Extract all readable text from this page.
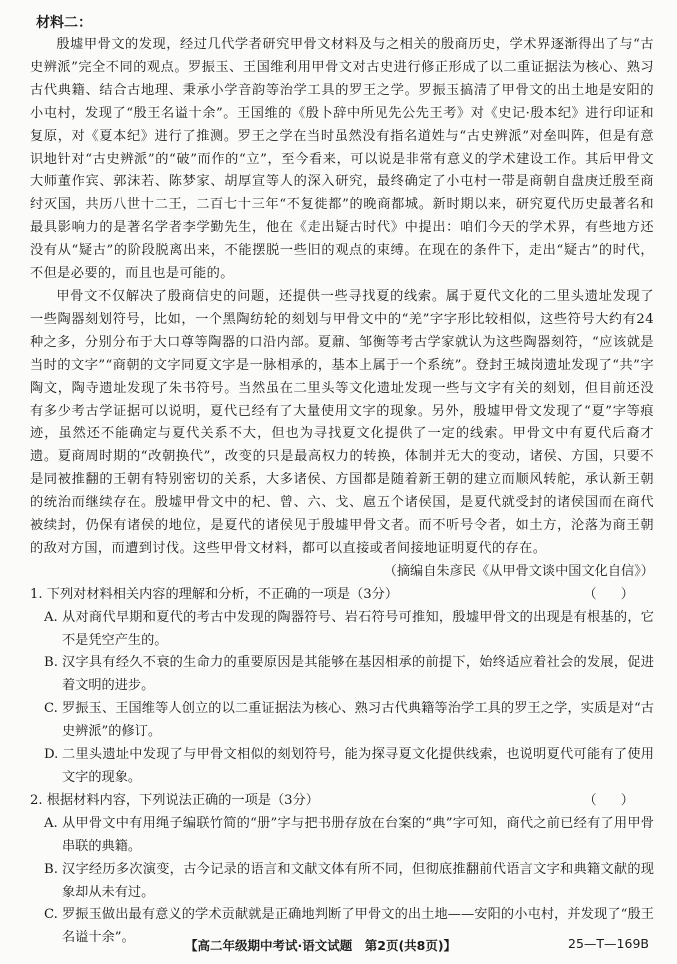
材料二：

殷墟甲骨文的发现，经过几代学者研究甲骨文材料及与之相关的殷商历史，学术界逐渐得出了与“古史辨派”完全不同的观点。罗振玉、王国维利用甲骨文对古史进行修正形成了以二重证据法为核心、熟习古代典籍、结合古地理、秉承小学音韵等治学工具的罗王之学。罗振玉搞清了甲骨文的出土地是安阳的小屯村，发现了“殷王名谥十余”。王国维的《殷卜辞中所见先公先王考》对《史记·殷本纪》进行印证和复原，对《夏本纪》进行了推测。罗王之学在当时虽然没有指名道姓与“古史辨派”对垒叫阵，但是有意识地针对“古史辨派”的“破”而作的“立”，至今看来，可以说是非常有意义的学术建设工作。其后甲骨文大师董作宾、郭沫若、陈梦家、胡厚宣等人的深入研究，最终确定了小屯村一带是商朝自盘庚迁殷至商纣灭国，共历八世十二王，二百七十三年“不复徙都”的晚商都城。新时期以来，研究夏代历史最著名和最具影响力的是著名学者李学勤先生，他在《走出疑古时代》中提出：咱们今天的学术界，有些地方还没有从“疑古”的阶段脱离出来，不能摆脱一些旧的观点的束缚。在现在的条件下，走出“疑古”的时代，不但是必要的，而且也是可能的。

甲骨文不仅解决了殷商信史的问题，还提供一些寻找夏的线索。属于夏代文化的二里头遗址发现了一些陶器刻划符号，比如，一个黑陶纺轮的刻划与甲骨文中的“羌”字字形比较相似，这些符号大约有24种之多，分别分布于大口尊等陶器的口沿内部。夏鼐、邹衡等考古学家就认为这些陶器刻符，“应该就是当时的文字”“商朝的文字同夏文字是一脉相承的，基本上属于一个系统”。登封王城岗遗址发现了“共”字陶文，陶寺遗址发现了朱书符号。当然虽在二里头等文化遗址发现一些与文字有关的刻划，但目前还没有多少考古学证据可以说明，夏代已经有了大量使用文字的现象。另外，殷墟甲骨文发现了“夏”字等痕迹，虽然还不能确定与夏代关系不大，但也为寻找夏文化提供了一定的线索。甲骨文中有夏代后裔才遗。夏商周时期的“改朝换代”，改变的只是最高权力的转换，体制并无大的变动，诸侯、方国，只要不是同被推翻的王朝有特别密切的关系，大多诸侯、方国都是随着新王朝的建立而顺风转舵，承认新王朝的统治而继续存在。殷墟甲骨文中的杞、曾、六、戈、扈五个诸侯国，是夏代就受封的诸侯国而在商代被续封，仍保有诸侯的地位，是夏代的诸侯见于殷墟甲骨文者。而不听号令者，如土方，沦落为商王朝的敌对方国，而遭到讨伐。这些甲骨文材料，都可以直接或者间接地证明夏代的存在。

（摘编自朱彦民《从甲骨文谈中国文化自信》）

1. 下列对材料相关内容的理解和分析，不正确的一项是（3分）	（ ）
A. 从对商代早期和夏代的考古中发现的陶器符号、岩石符号可推知，殷墟甲骨文的出现是有根基的，它不是凭空产生的。
B. 汉字具有经久不衰的生命力的重要原因是其能够在基因相承的前提下，始终适应着社会的发展，促进着文明的进步。
C. 罗振玉、王国维等人创立的以二重证据法为核心、熟习古代典籍等治学工具的罗王之学，实质是对“古史辨派”的修订。
D. 二里头遗址中发现了与甲骨文相似的刻划符号，能为探寻夏文化提供线索，也说明夏代可能有了使用文字的现象。
2. 根据材料内容，下列说法正确的一项是（3分）	（ ）
A. 从甲骨文中有用绳子编联竹简的“册”字与把书册存放在台案的“典”字可知，商代之前已经有了用甲骨串联的典籍。
B. 汉字经历多次演变，古今记录的语言和文献文体有所不同，但彻底推翻前代语言文字和典籍文献的现象却从未有过。
C. 罗振玉做出最有意义的学术贡献就是正确地判断了甲骨文的出土地——安阳的小屯村，并发现了“殷王名谥十余”。
【高二年级期中考试·语文试题　第2页(共8页)】	25—T—169B
